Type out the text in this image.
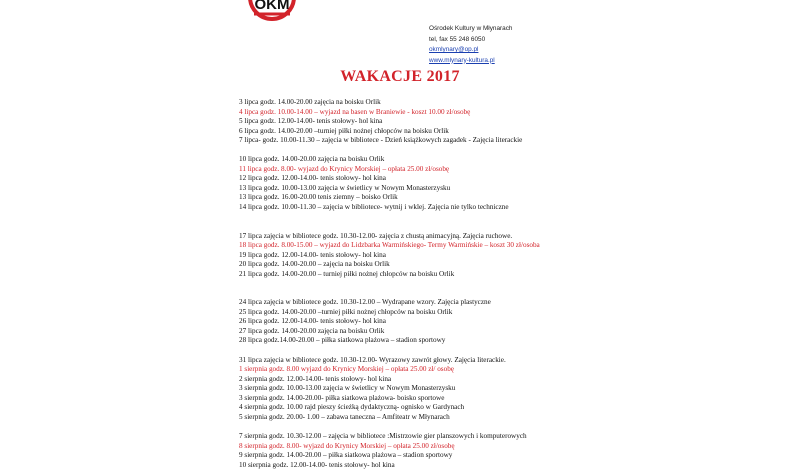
OKM
Ośrodek Kultury w Młynarach
tel, fax 55 248 6050
okmlynary@op.pl
www.mlynary-kultura.pl
WAKACJE 2017
3 lipca godz. 14.00-20.00 zajęcia na boisku Orlik
4 lipca godz. 10.00-14.00 – wyjazd na basen w Braniewie - koszt 10.00 zł/osobę
5 lipca godz. 12.00-14.00- tenis stołowy- hol kina
6 lipca godz. 14.00-20.00 –turniej piłki nożnej chłopców na boisku Orlik
7 lipca- godz. 10.00-11.30 – zajęcia w bibliotece - Dzień książkowych zagadek - Zajęcia literackie
10 lipca godz. 14.00-20.00 zajęcia na boisku Orlik
11 lipca godz. 8.00- wyjazd do Krynicy Morskiej – opłata 25.00 zł/osobę
12 lipca godz. 12.00-14.00- tenis stołowy- hol kina
13 lipca godz. 10.00-13.00 zajęcia w świetlicy w Nowym Monasterzysku
13 lipca godz. 16.00-20.00 tenis ziemny – boisko Orlik
14 lipca godz. 10.00-11.30 – zajęcia w bibliotece- wytnij i wklej. Zajęcia nie tylko techniczne
17 lipca zajęcia w bibliotece godz. 10.30-12.00- zajęcia z chustą animacyjną. Zajęcia ruchowe.
18 lipca godz. 8.00-15.00 – wyjazd do Lidzbarka Warmińskiego- Termy Warmińskie – koszt 30 zł/osoba
19 lipca godz. 12.00-14.00- tenis stołowy- hol kina
20 lipca godz. 14.00-20.00 – zajęcia na boisku Orlik
21 lipca godz. 14.00-20.00 – turniej piłki nożnej chłopców na boisku Orlik
24 lipca zajęcia w bibliotece godz. 10.30-12.00 – Wydrapane wzory. Zajęcia plastyczne
25 lipca godz. 14.00-20.00 –turniej piłki nożnej chłopców na boisku Orlik
26 lipca godz. 12.00-14.00- tenis stołowy- hol kina
27 lipca godz. 14.00-20.00 zajęcia na boisku Orlik
28 lipca godz.14.00-20.00 – piłka siatkowa plażowa – stadion sportowy
31 lipca zajęcia w bibliotece godz. 10.30-12.00- Wyrazowy zawrót głowy. Zajęcia literackie.
1 sierpnia godz. 8.00 wyjazd do Krynicy Morskiej – opłata 25.00 zł/ osobę
2 sierpnia godz. 12.00-14.00- tenis stołowy- hol kina
3 sierpnia godz. 10.00-13.00 zajęcia w świetlicy w Nowym Monasterzysku
3 sierpnia godz. 14.00-20.00- piłka siatkowa plażowa- boisko sportowe
4 sierpnia godz. 10.00 rajd pieszy ścieżką dydaktyczną- ognisko w Gardynach
5 sierpnia godz. 20.00- 1.00 – zabawa taneczna – Amfiteatr w Młynarach
7 sierpnia godz. 10.30-12.00 – zajęcia w bibliotece :Mistrzowie gier planszowych i komputerowych
8 sierpnia godz. 8.00- wyjazd do Krynicy Morskiej – opłata 25.00 zł/osobę
9 sierpnia godz. 14.00-20.00 – piłka siatkowa plażowa – stadion sportowy
10 sierpnia godz. 12.00-14.00- tenis stołowy- hol kina
